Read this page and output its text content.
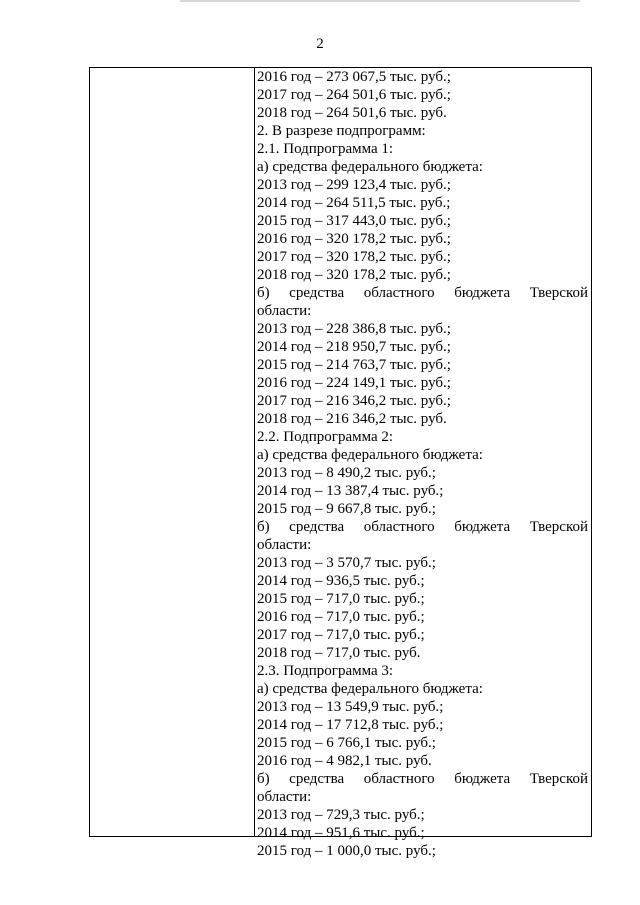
2
2016 год – 273 067,5 тыс. руб.;
2017 год – 264 501,6 тыс. руб.;
2018 год – 264 501,6 тыс. руб.
2. В разрезе подпрограмм:
2.1. Подпрограмма 1:
а) средства федерального бюджета:
2013 год – 299 123,4 тыс. руб.;
2014 год – 264 511,5 тыс. руб.;
2015 год – 317 443,0 тыс. руб.;
2016 год – 320 178,2 тыс. руб.;
2017 год – 320 178,2 тыс. руб.;
2018 год – 320 178,2 тыс. руб.;
б) средства областного бюджета Тверской
области:
2013 год – 228 386,8 тыс. руб.;
2014 год – 218 950,7 тыс. руб.;
2015 год – 214 763,7 тыс. руб.;
2016 год – 224 149,1 тыс. руб.;
2017 год – 216 346,2 тыс. руб.;
2018 год – 216 346,2 тыс. руб.
2.2. Подпрограмма 2:
а) средства федерального бюджета:
2013 год – 8 490,2 тыс. руб.;
2014 год – 13 387,4 тыс. руб.;
2015 год – 9 667,8 тыс. руб.;
б) средства областного бюджета Тверской
области:
2013 год – 3 570,7 тыс. руб.;
2014 год – 936,5 тыс. руб.;
2015 год – 717,0 тыс. руб.;
2016 год – 717,0 тыс. руб.;
2017 год – 717,0 тыс. руб.;
2018 год – 717,0 тыс. руб.
2.3. Подпрограмма 3:
а) средства федерального бюджета:
2013 год – 13 549,9 тыс. руб.;
2014 год – 17 712,8 тыс. руб.;
2015 год – 6 766,1 тыс. руб.;
2016 год – 4 982,1 тыс. руб.
б) средства областного бюджета Тверской
области:
2013 год – 729,3 тыс. руб.;
2014 год – 951,6 тыс. руб.;
2015 год – 1 000,0 тыс. руб.;
